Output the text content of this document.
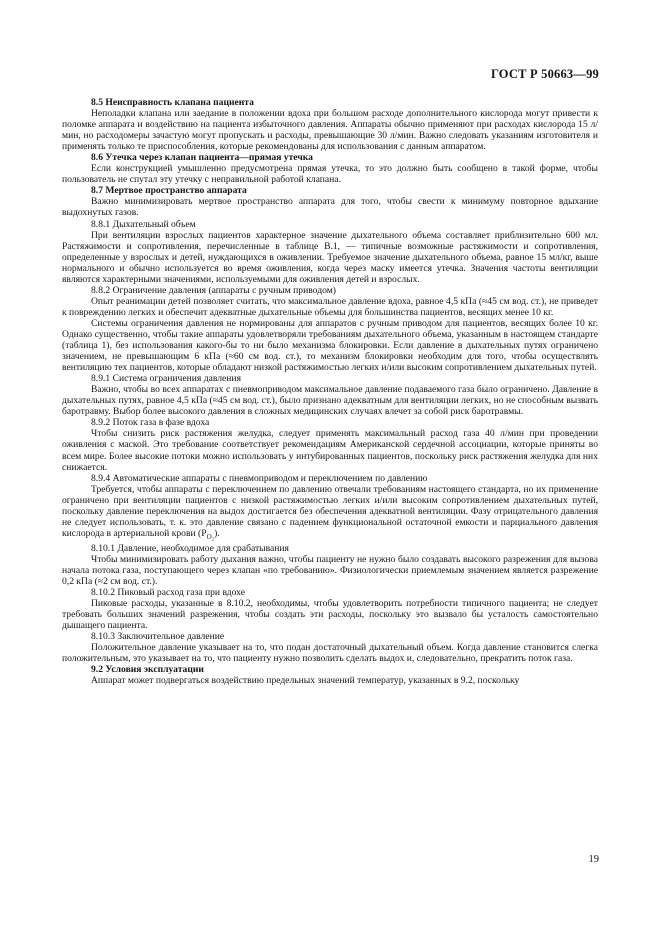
ГОСТ Р 50663—99

8.5 Неисправность клапана пациента

Неполадки клапана или заедание в положении вдоха при большом расходе дополнительного кислорода могут привести к поломке аппарата и воздействию на пациента избыточного давления. Аппараты обычно применяют при расходах кислорода 15 л/мин, но расходомеры зачастую могут пропускать и расходы, превышающие 30 л/мин. Важно следовать указаниям изготовителя и применять только те приспособления, которые рекомендованы для использования с данным аппаратом.

8.6 Утечка через клапан пациента—прямая утечка

Если конструкцией умышленно предусмотрена прямая утечка, то это должно быть сообщено в такой форме, чтобы пользователь не спутал эту утечку с неправильной работой клапана.

8.7 Мертвое пространство аппарата

Важно минимизировать мертвое пространство аппарата для того, чтобы свести к минимуму повторное вдыхание выдохнутых газов.

8.8.1 Дыхательный объем

При вентиляции взрослых пациентов характерное значение дыхательного объема составляет приблизительно 600 мл. Растяжимости и сопротивления, перечисленные в таблице В.1, — типичные возможные растяжимости и сопротивления, определенные у взрослых и детей, нуждающихся в оживлении. Требуемое значение дыхательного объема, равное 15 мл/кг, выше нормального и обычно используется во время оживления, когда через маску имеется утечка. Значения частоты вентиляции являются характерными значениями, используемыми для оживления детей и взрослых.

8.8.2 Ограничение давления (аппараты с ручным приводом)

Опыт реанимации детей позволяет считать, что максимальное давление вдоха, равное 4,5 кПа (≈45 см вод. ст.), не приведет к повреждению легких и обеспечит адекватные дыхательные объемы для большинства пациентов, весящих менее 10 кг.

Системы ограничения давления не нормированы для аппаратов с ручным приводом для пациентов, весящих более 10 кг. Однако существенно, чтобы такие аппараты удовлетворяли требованиям дыхательного объема, указанным в настоящем стандарте (таблица 1), без использования какого-бы то ни было механизма блокировки. Если давление в дыхательных путях ограничено значением, не превышающим 6 кПа (≈60 см вод. ст.), то механизм блокировки необходим для того, чтобы осуществлять вентиляцию тех пациентов, которые обладают низкой растяжимостью легких и/или высоким сопротивлением дыхательных путей.

8.9.1 Система ограничения давления

Важно, чтобы во всех аппаратах с пневмоприводом максимальное давление подаваемого газа было ограничено. Давление в дыхательных путях, равное 4,5 кПа (≈45 см вод. ст.), было признано адекватным для вентиляции легких, но не способным вызвать баротравму. Выбор более высокого давления в сложных медицинских случаях влечет за собой риск баротравмы.

8.9.2 Поток газа в фазе вдоха

Чтобы снизить риск растяжения желудка, следует применять максимальный расход газа 40 л/мин при проведении оживления с маской. Это требование соответствует рекомендациям Американской сердечной ассоциации, которые приняты во всем мире. Более высокие потоки можно использовать у интубированных пациентов, поскольку риск растяжения желудка для них снижается.

8.9.4 Автоматические аппараты с пневмоприводом и переключением по давлению

Требуется, чтобы аппараты с переключением по давлению отвечали требованиям настоящего стандарта, но их применение ограничено при вентиляции пациентов с низкой растяжимостью легких и/или высоким сопротивлением дыхательных путей, поскольку давление переключения на выдох достигается без обеспечения адекватной вентиляции. Фазу отрицательного давления не следует использовать, т. к. это давление связано с падением функциональной остаточной емкости и парциального давления кислорода в артериальной крови $(P_{O_2})$.

8.10.1 Давление, необходимое для срабатывания

Чтобы минимизировать работу дыхания важно, чтобы пациенту не нужно было создавать высокого разрежения для вызова начала потока газа, поступающего через клапан «по требованию». Физиологически приемлемым значением является разрежение 0,2 кПа (≈2 см вод. ст.).

8.10.2 Пиковый расход газа при вдохе

Пиковые расходы, указанные в 8.10.2, необходимы, чтобы удовлетворить потребности типичного пациента; не следует требовать больших значений разрежения, чтобы создать эти расходы, поскольку это вызвало бы усталость самостоятельно дышащего пациента.

8.10.3 Заключительное давление

Положительное давление указывает на то, что подан достаточный дыхательный объем. Когда давление становится слегка положительным, это указывает на то, что пациенту нужно позволить сделать выдох и, следовательно, прекратить поток газа.

9.2 Условия эксплуатации

Аппарат может подвергаться воздействию предельных значений температур, указанных в 9.2, поскольку

19
